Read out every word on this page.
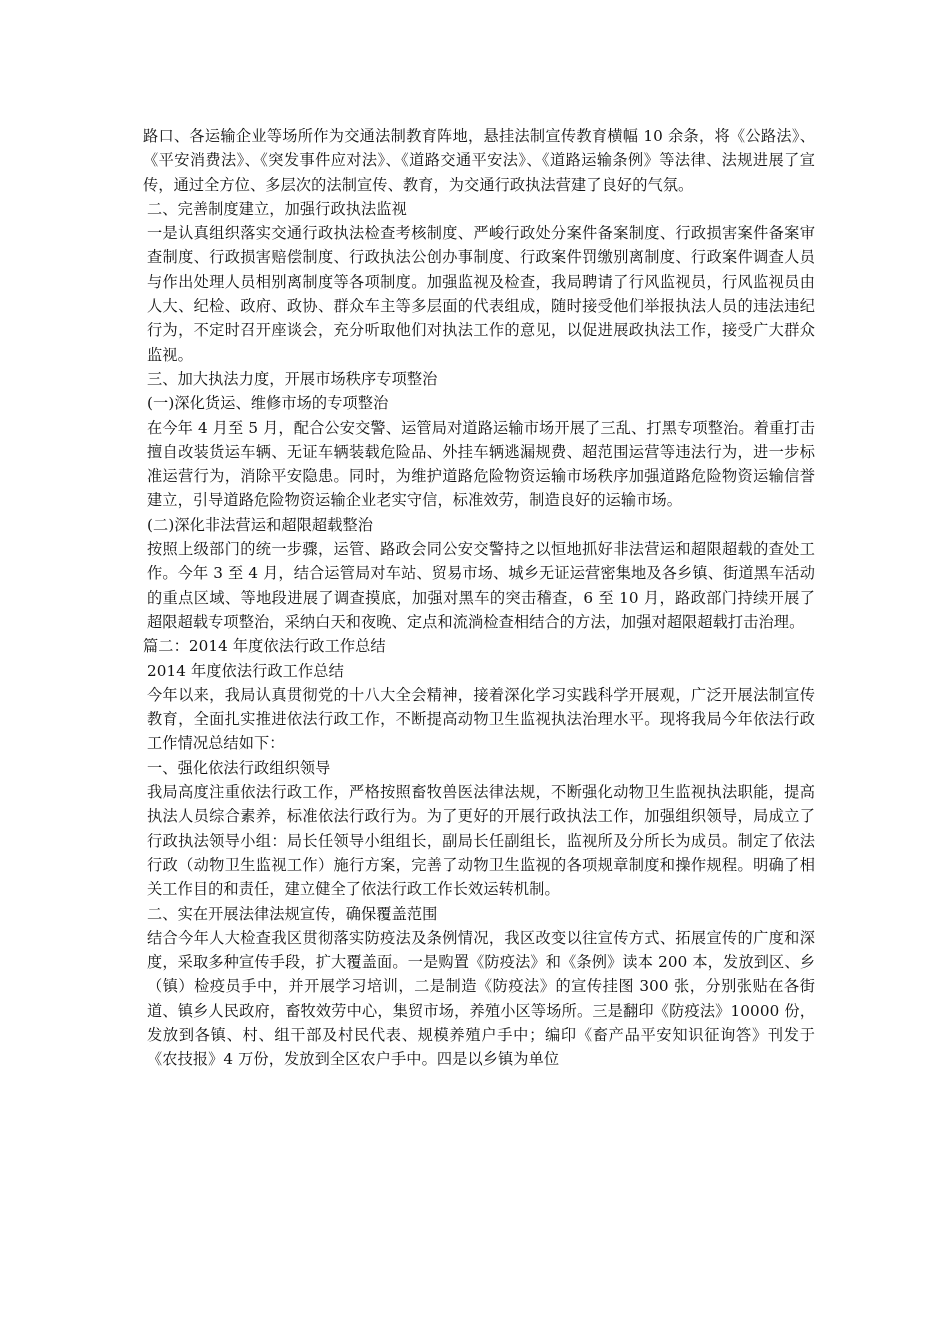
路口、各运输企业等场所作为交通法制教育阵地，悬挂法制宣传教育横幅 10 余条，将《公路法》、《平安消费法》、《突发事件应对法》、《道路交通平安法》、《道路运输条例》等法律、法规进展了宣传，通过全方位、多层次的法制宣传、教育，为交通行政执法营建了良好的气氛。

二、完善制度建立，加强行政执法监视

一是认真组织落实交通行政执法检查考核制度、严峻行政处分案件备案制度、行政损害案件备案审查制度、行政损害赔偿制度、行政执法公创办事制度、行政案件罚缴别离制度、行政案件调查人员与作出处理人员相别离制度等各项制度。加强监视及检查，我局聘请了行风监视员，行风监视员由人大、纪检、政府、政协、群众车主等多层面的代表组成，随时接受他们举报执法人员的违法违纪行为，不定时召开座谈会，充分听取他们对执法工作的意见，以促进展政执法工作，接受广大群众监视。

三、加大执法力度，开展市场秩序专项整治

(一)深化货运、维修市场的专项整治

在今年 4 月至 5 月，配合公安交警、运管局对道路运输市场开展了三乱、打黑专项整治。着重打击擅自改装货运车辆、无证车辆装载危险品、外挂车辆逃漏规费、超范围运营等违法行为，进一步标准运营行为，消除平安隐患。同时，为维护道路危险物资运输市场秩序加强道路危险物资运输信誉建立，引导道路危险物资运输企业老实守信，标准效劳，制造良好的运输市场。

(二)深化非法营运和超限超载整治

按照上级部门的统一步骤，运管、路政会同公安交警持之以恒地抓好非法营运和超限超载的查处工作。今年 3 至 4 月，结合运管局对车站、贸易市场、城乡无证运营密集地及各乡镇、街道黑车活动的重点区域、等地段进展了调查摸底，加强对黑车的突击稽查，6 至 10 月，路政部门持续开展了超限超载专项整治，采纳白天和夜晚、定点和流淌检查相结合的方法，加强对超限超载打击治理。

篇二：2014 年度依法行政工作总结

2014 年度依法行政工作总结

今年以来，我局认真贯彻党的十八大全会精神，接着深化学习实践科学开展观，广泛开展法制宣传教育，全面扎实推进依法行政工作，不断提高动物卫生监视执法治理水平。现将我局今年依法行政工作情况总结如下：

一、强化依法行政组织领导

我局高度注重依法行政工作，严格按照畜牧兽医法律法规，不断强化动物卫生监视执法职能，提高执法人员综合素养，标准依法行政行为。为了更好的开展行政执法工作，加强组织领导，局成立了行政执法领导小组：局长任领导小组组长，副局长任副组长，监视所及分所长为成员。制定了依法行政（动物卫生监视工作）施行方案，完善了动物卫生监视的各项规章制度和操作规程。明确了相关工作目的和责任，建立健全了依法行政工作长效运转机制。

二、实在开展法律法规宣传，确保覆盖范围

结合今年人大检查我区贯彻落实防疫法及条例情况，我区改变以往宣传方式、拓展宣传的广度和深度，采取多种宣传手段，扩大覆盖面。一是购置《防疫法》和《条例》读本 200 本，发放到区、乡（镇）检疫员手中，并开展学习培训，二是制造《防疫法》的宣传挂图 300 张，分别张贴在各街道、镇乡人民政府，畜牧效劳中心，集贸市场，养殖小区等场所。三是翻印《防疫法》10000 份，发放到各镇、村、组干部及村民代表、规模养殖户手中；编印《畜产品平安知识征询答》刊发于《农技报》4 万份，发放到全区农户手中。四是以乡镇为单位
